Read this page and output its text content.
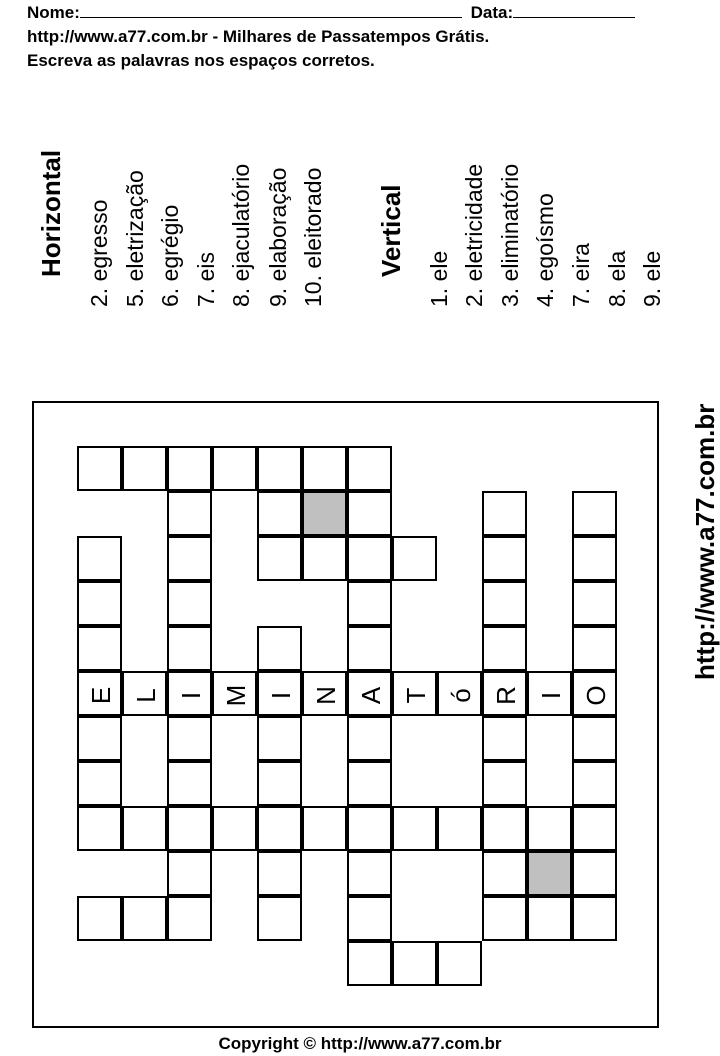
Nome:	Data:
http://www.a77.com.br - Milhares de Passatempos Grátis.
Escreva as palavras nos espaços corretos.
Horizontal 2. egresso 5. eletrização 6. egrégio 7. eis 8. ejaculatório 9. elaboração 10. eleitorado Vertical
1. ele 2. eletricidade 3. eliminatório 4. egoísmo 7. eira 8. ela 9. ele
E L I M I N A T ó R I O
http://www.a77.com.br
Copyright © http://www.a77.com.br
